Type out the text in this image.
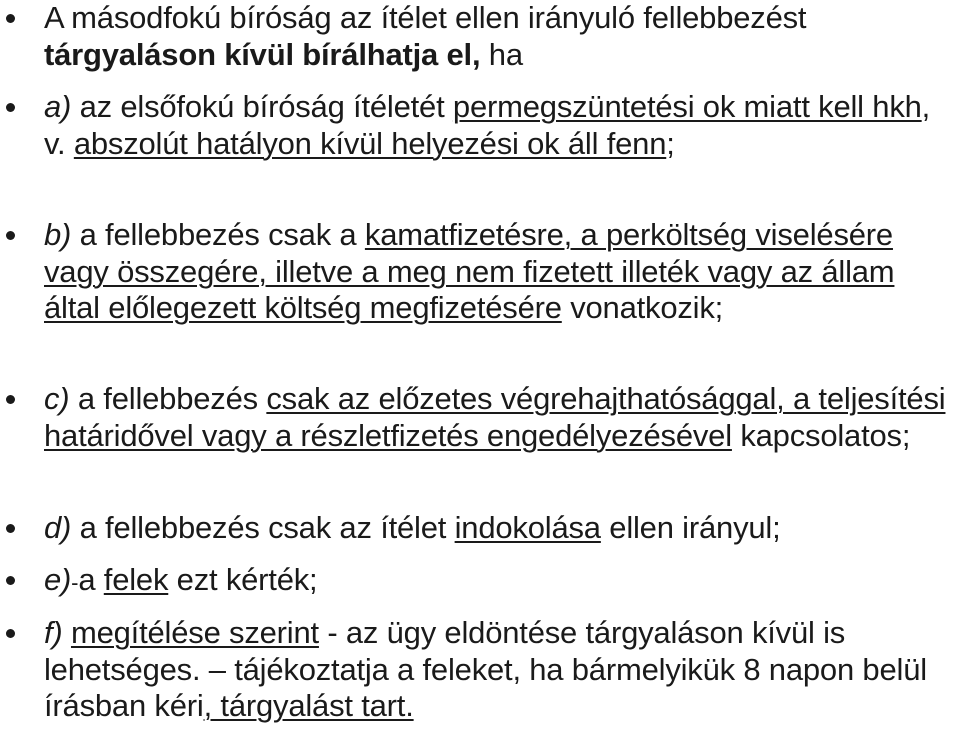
A másodfokú bíróság az ítélet ellen irányuló fellebbezést tárgyaláson kívül bírálhatja el, ha
a) az elsőfokú bíróság ítéletét permegszüntetési ok miatt kell hkh, v. abszolút hatályon kívül helyezési ok áll fenn;
b) a fellebbezés csak a kamatfizetésre, a perköltség viselésére vagy összegére, illetve a meg nem fizetett illeték vagy az állam által előlegezett költség megfizetésére vonatkozik;
c) a fellebbezés csak az előzetes végrehajthatósággal, a teljesítési határidővel vagy a részletfizetés engedélyezésével kapcsolatos;
d) a fellebbezés csak az ítélet indokolása ellen irányul;
e)-a felek ezt kérték;
f) megítélése szerint - az ügy eldöntése tárgyaláson kívül is lehetséges. – tájékoztatja a feleket, ha bármelyikük 8 napon belül írásban kéri, tárgyalást tart.
